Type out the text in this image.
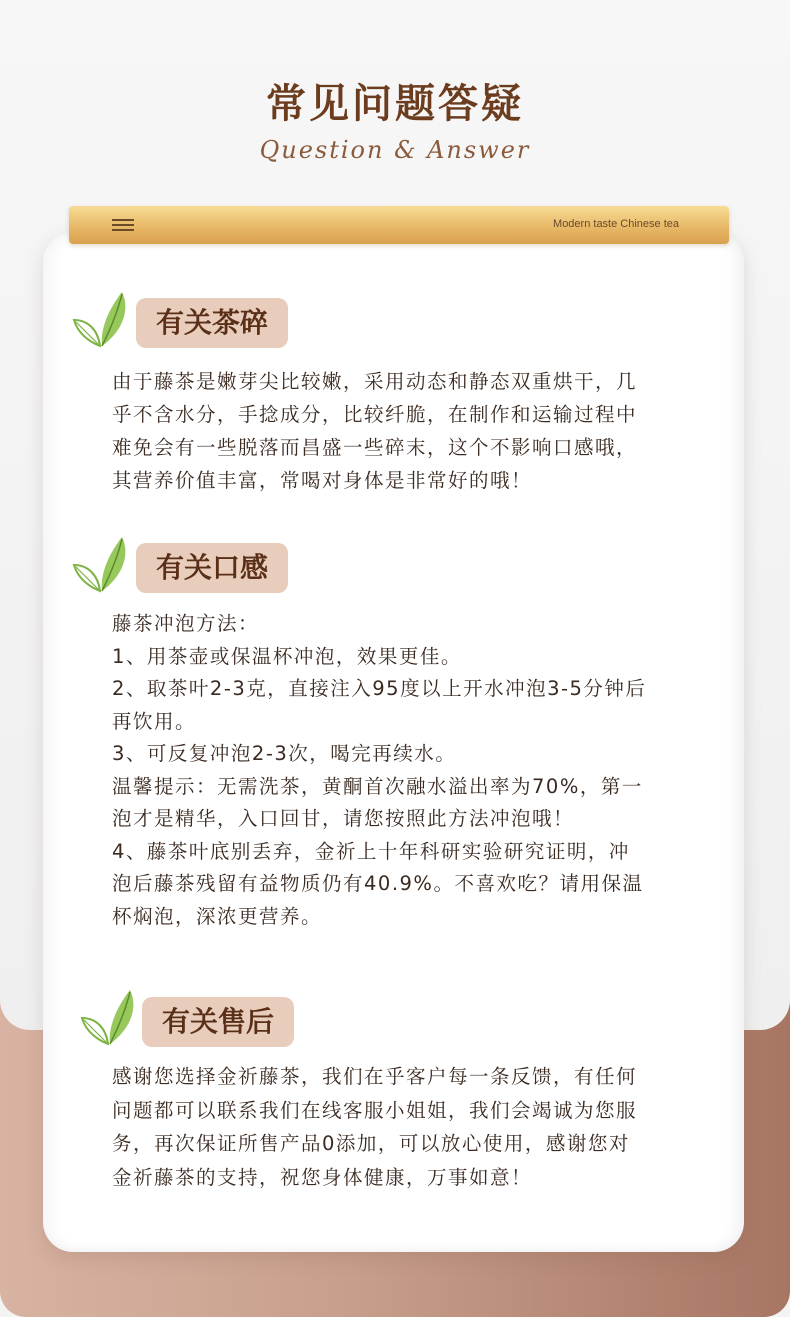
常见问题答疑
Question & Answer
Modern taste Chinese tea
有关茶碎

由于藤茶是嫩芽尖比较嫩，采用动态和静态双重烘干，几

乎不含水分，手捻成分，比较纤脆，在制作和运输过程中

难免会有一些脱落而昌盛一些碎末，这个不影响口感哦，

其营养价值丰富，常喝对身体是非常好的哦！

有关口感

藤茶冲泡方法：

1、用茶壶或保温杯冲泡，效果更佳。

2、取茶叶2-3克，直接注入95度以上开水冲泡3-5分钟后

再饮用。

3、可反复冲泡2-3次，喝完再续水。

温馨提示：无需洗茶，黄酮首次融水溢出率为70%，第一

泡才是精华，入口回甘，请您按照此方法冲泡哦！

4、藤茶叶底别丢弃，金祈上十年科研实验研究证明，冲

泡后藤茶残留有益物质仍有40.9%。不喜欢吃？请用保温

杯焖泡，深浓更营养。

有关售后

感谢您选择金祈藤茶，我们在乎客户每一条反馈，有任何

问题都可以联系我们在线客服小姐姐，我们会竭诚为您服

务，再次保证所售产品0添加，可以放心使用，感谢您对

金祈藤茶的支持，祝您身体健康，万事如意！
